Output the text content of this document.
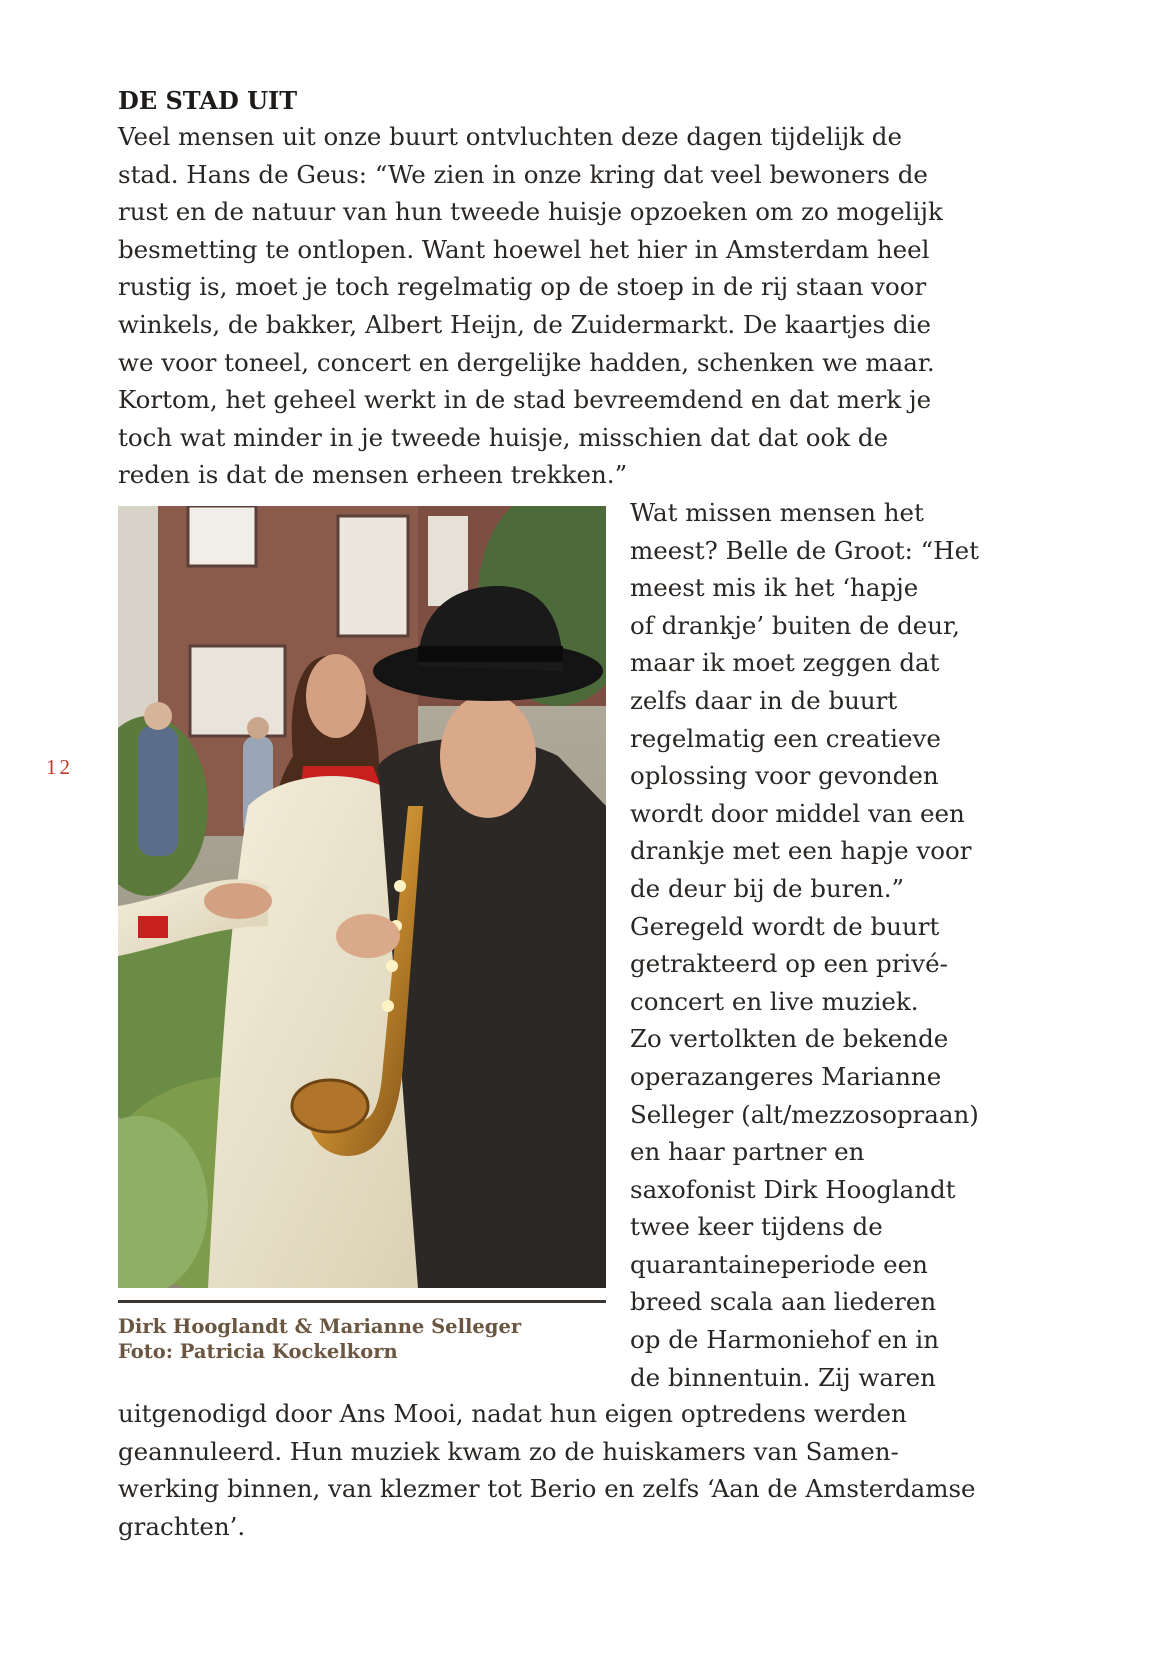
12
DE STAD UIT
Veel mensen uit onze buurt ontvluchten deze dagen tijdelijk de
stad. Hans de Geus: “We zien in onze kring dat veel bewoners de
rust en de natuur van hun tweede huisje opzoeken om zo mogelijk
besmetting te ontlopen. Want hoewel het hier in Amsterdam heel
rustig is, moet je toch regelmatig op de stoep in de rij staan voor
winkels, de bakker, Albert Heijn, de Zuidermarkt. De kaartjes die
we voor toneel, concert en dergelijke hadden, schenken we maar.
Kortom, het geheel werkt in de stad bevreemdend en dat merk je
toch wat minder in je tweede huisje, misschien dat dat ook de
reden is dat de mensen erheen trekken.”
Dirk Hooglandt & Marianne Selleger
Foto: Patricia Kockelkorn
Wat missen mensen het
meest? Belle de Groot: “Het
meest mis ik het ‘hapje
of drankje’ buiten de deur,
maar ik moet zeggen dat
zelfs daar in de buurt
regelmatig een creatieve
oplossing voor gevonden
wordt door middel van een
drankje met een hapje voor
de deur bij de buren.”
Geregeld wordt de buurt
getrakteerd op een privé-
concert en live muziek.
Zo vertolkten de bekende
operazangeres Marianne
Selleger (alt/mezzosopraan)
en haar partner en
saxofonist Dirk Hooglandt
twee keer tijdens de
quarantaineperiode een
breed scala aan liederen
op de Harmoniehof en in
de binnentuin. Zij waren
uitgenodigd door Ans Mooi, nadat hun eigen optredens werden
geannuleerd. Hun muziek kwam zo de huiskamers van Samen-
werking binnen, van klezmer tot Berio en zelfs ‘Aan de Amsterdamse
grachten’.
